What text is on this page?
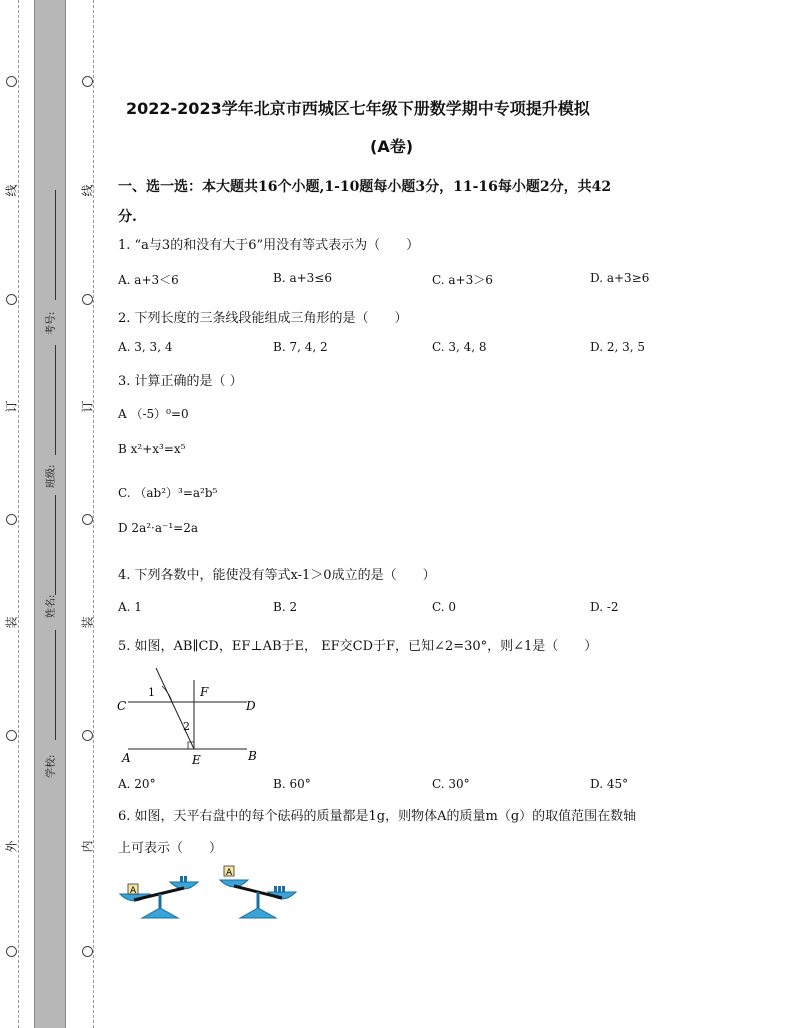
线
订
装
外
线
订
装
内
考号:
班级:
姓名:
学校:
2022-2023学年北京市西城区七年级下册数学期中专项提升模拟
(A卷)
一、选一选：本大题共16个小题,1-10题每小题3分，11-16每小题2分，共42
分.
1. “a与3的和没有大于6”用没有等式表示为（　　）
A. a+3＜6	B. a+3≤6	C. a+3＞6	D. a+3≥6
2. 下列长度的三条线段能组成三角形的是（　　）
A. 3, 3, 4	B. 7, 4, 2	C. 3, 4, 8	D. 2, 3, 5
3. 计算正确的是（ ）
A （-5）⁰=0
B x²+x³=x⁵
C. （ab²）³=a²b⁵
D 2a²·a⁻¹=2a
4. 下列各数中，能使没有等式x-1＞0成立的是（　　）
A. 1	B. 2	C. 0	D. -2
5. 如图，AB∥CD，EF⊥AB于E， EF交CD于F，已知∠2=30°，则∠1是（　　）
C	D
A	B
E
F
1
2
A. 20°	B. 60°	C. 30°	D. 45°
6. 如图，天平右盘中的每个砝码的质量都是1g，则物体A的质量m（g）的取值范围在数轴
上可表示（　　）
A
A
